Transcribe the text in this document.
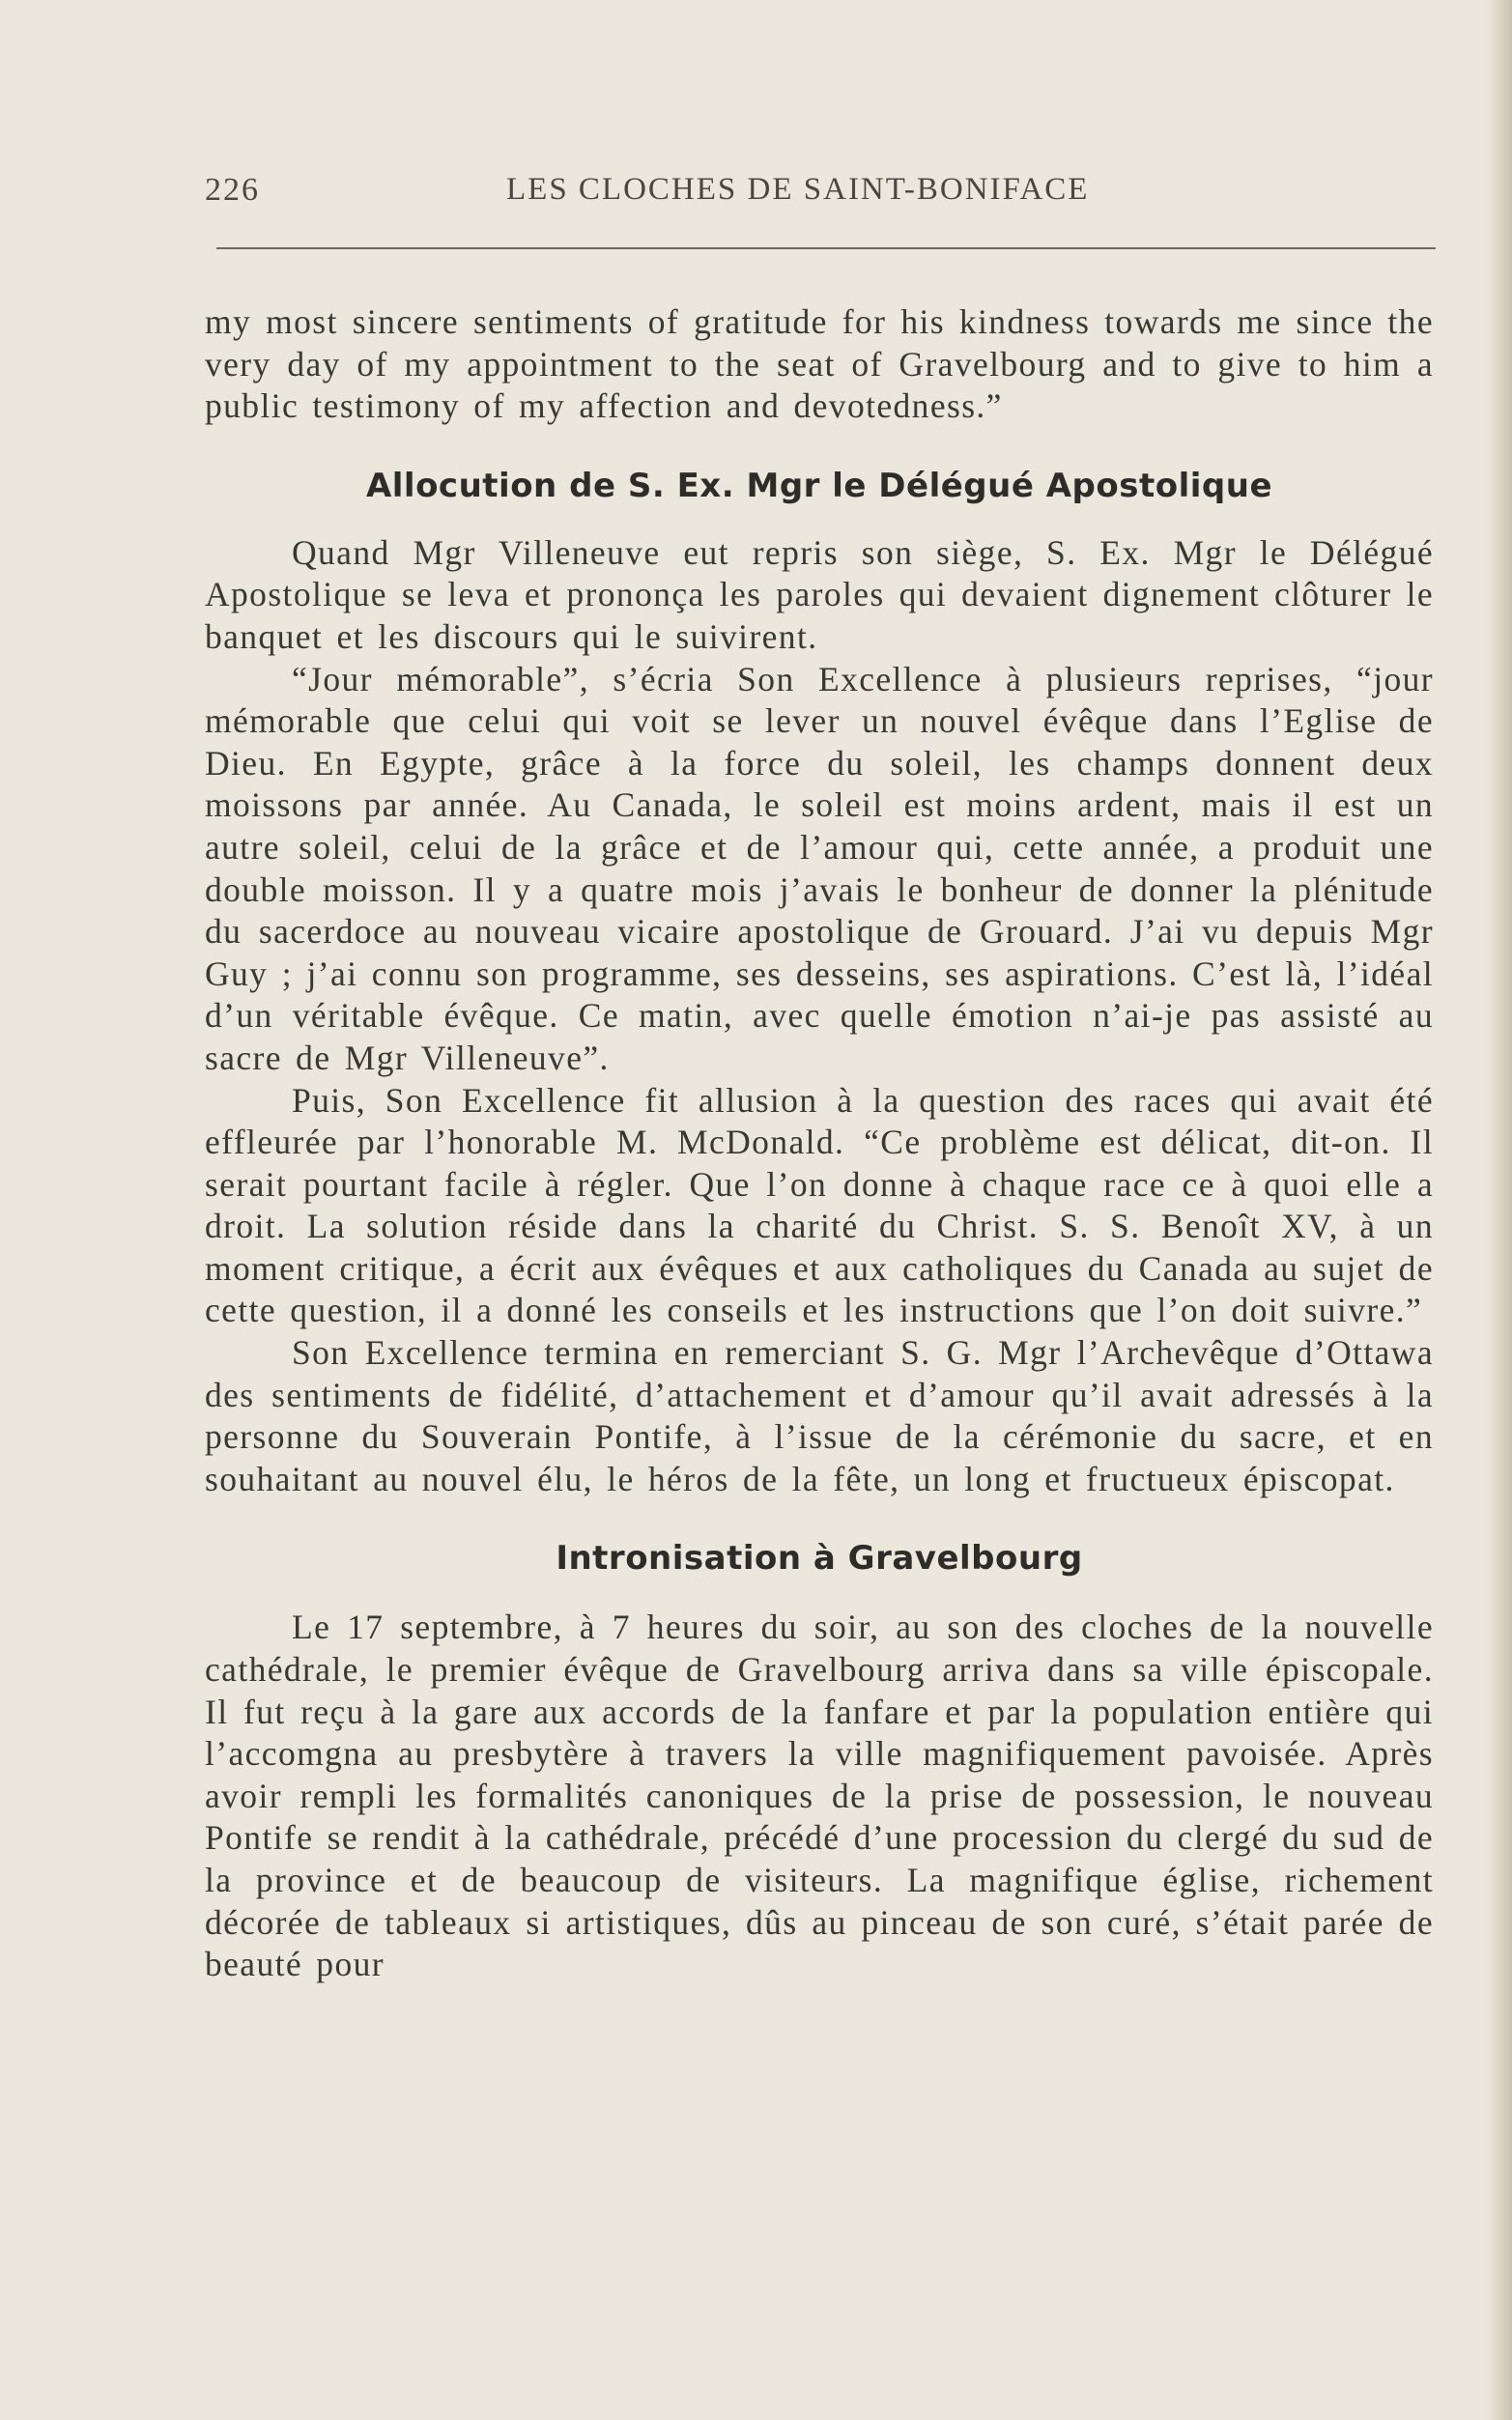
226	LES CLOCHES DE SAINT-BONIFACE

my most sincere sentiments of gratitude for his kindness towards me since the very day of my appointment to the seat of Gravelbourg and to give to him a public testimony of my affection and devotedness.”

Allocution de S. Ex. Mgr le Délégué Apostolique

Quand Mgr Villeneuve eut repris son siège, S. Ex. Mgr le Délégué Apostolique se leva et prononça les paroles qui devaient dignement clôturer le banquet et les discours qui le suivirent.

“Jour mémorable”, s’écria Son Excellence à plusieurs reprises, “jour mémorable que celui qui voit se lever un nouvel évêque dans l’Eglise de Dieu. En Egypte, grâce à la force du soleil, les champs donnent deux moissons par année. Au Canada, le soleil est moins ardent, mais il est un autre soleil, celui de la grâce et de l’amour qui, cette année, a produit une double moisson. Il y a quatre mois j’avais le bonheur de donner la plénitude du sacerdoce au nouveau vicaire apostolique de Grouard. J’ai vu depuis Mgr Guy ; j’ai connu son programme, ses desseins, ses aspirations. C’est là, l’idéal d’un véritable évêque. Ce matin, avec quelle émotion n’ai-je pas assisté au sacre de Mgr Villeneuve”.

Puis, Son Excellence fit allusion à la question des races qui avait été effleurée par l’honorable M. McDonald. “Ce problème est délicat, dit-on. Il serait pourtant facile à régler. Que l’on donne à chaque race ce à quoi elle a droit. La solution réside dans la charité du Christ. S. S. Benoît XV, à un moment critique, a écrit aux évêques et aux catholiques du Canada au sujet de cette question, il a donné les conseils et les instructions que l’on doit suivre.”

Son Excellence termina en remerciant S. G. Mgr l’Archevêque d’Ottawa des sentiments de fidélité, d’attachement et d’amour qu’il avait adressés à la personne du Souverain Pontife, à l’issue de la cérémonie du sacre, et en souhaitant au nouvel élu, le héros de la fête, un long et fructueux épiscopat.

Intronisation à Gravelbourg

Le 17 septembre, à 7 heures du soir, au son des cloches de la nouvelle cathédrale, le premier évêque de Gravelbourg arriva dans sa ville épiscopale. Il fut reçu à la gare aux accords de la fanfare et par la population entière qui l’accomgna au presbytère à travers la ville magnifiquement pavoisée. Après avoir rempli les formalités canoniques de la prise de possession, le nouveau Pontife se rendit à la cathédrale, précédé d’une procession du clergé du sud de la province et de beaucoup de visiteurs. La magnifique église, richement décorée de tableaux si artistiques, dûs au pinceau de son curé, s’était parée de beauté pour
